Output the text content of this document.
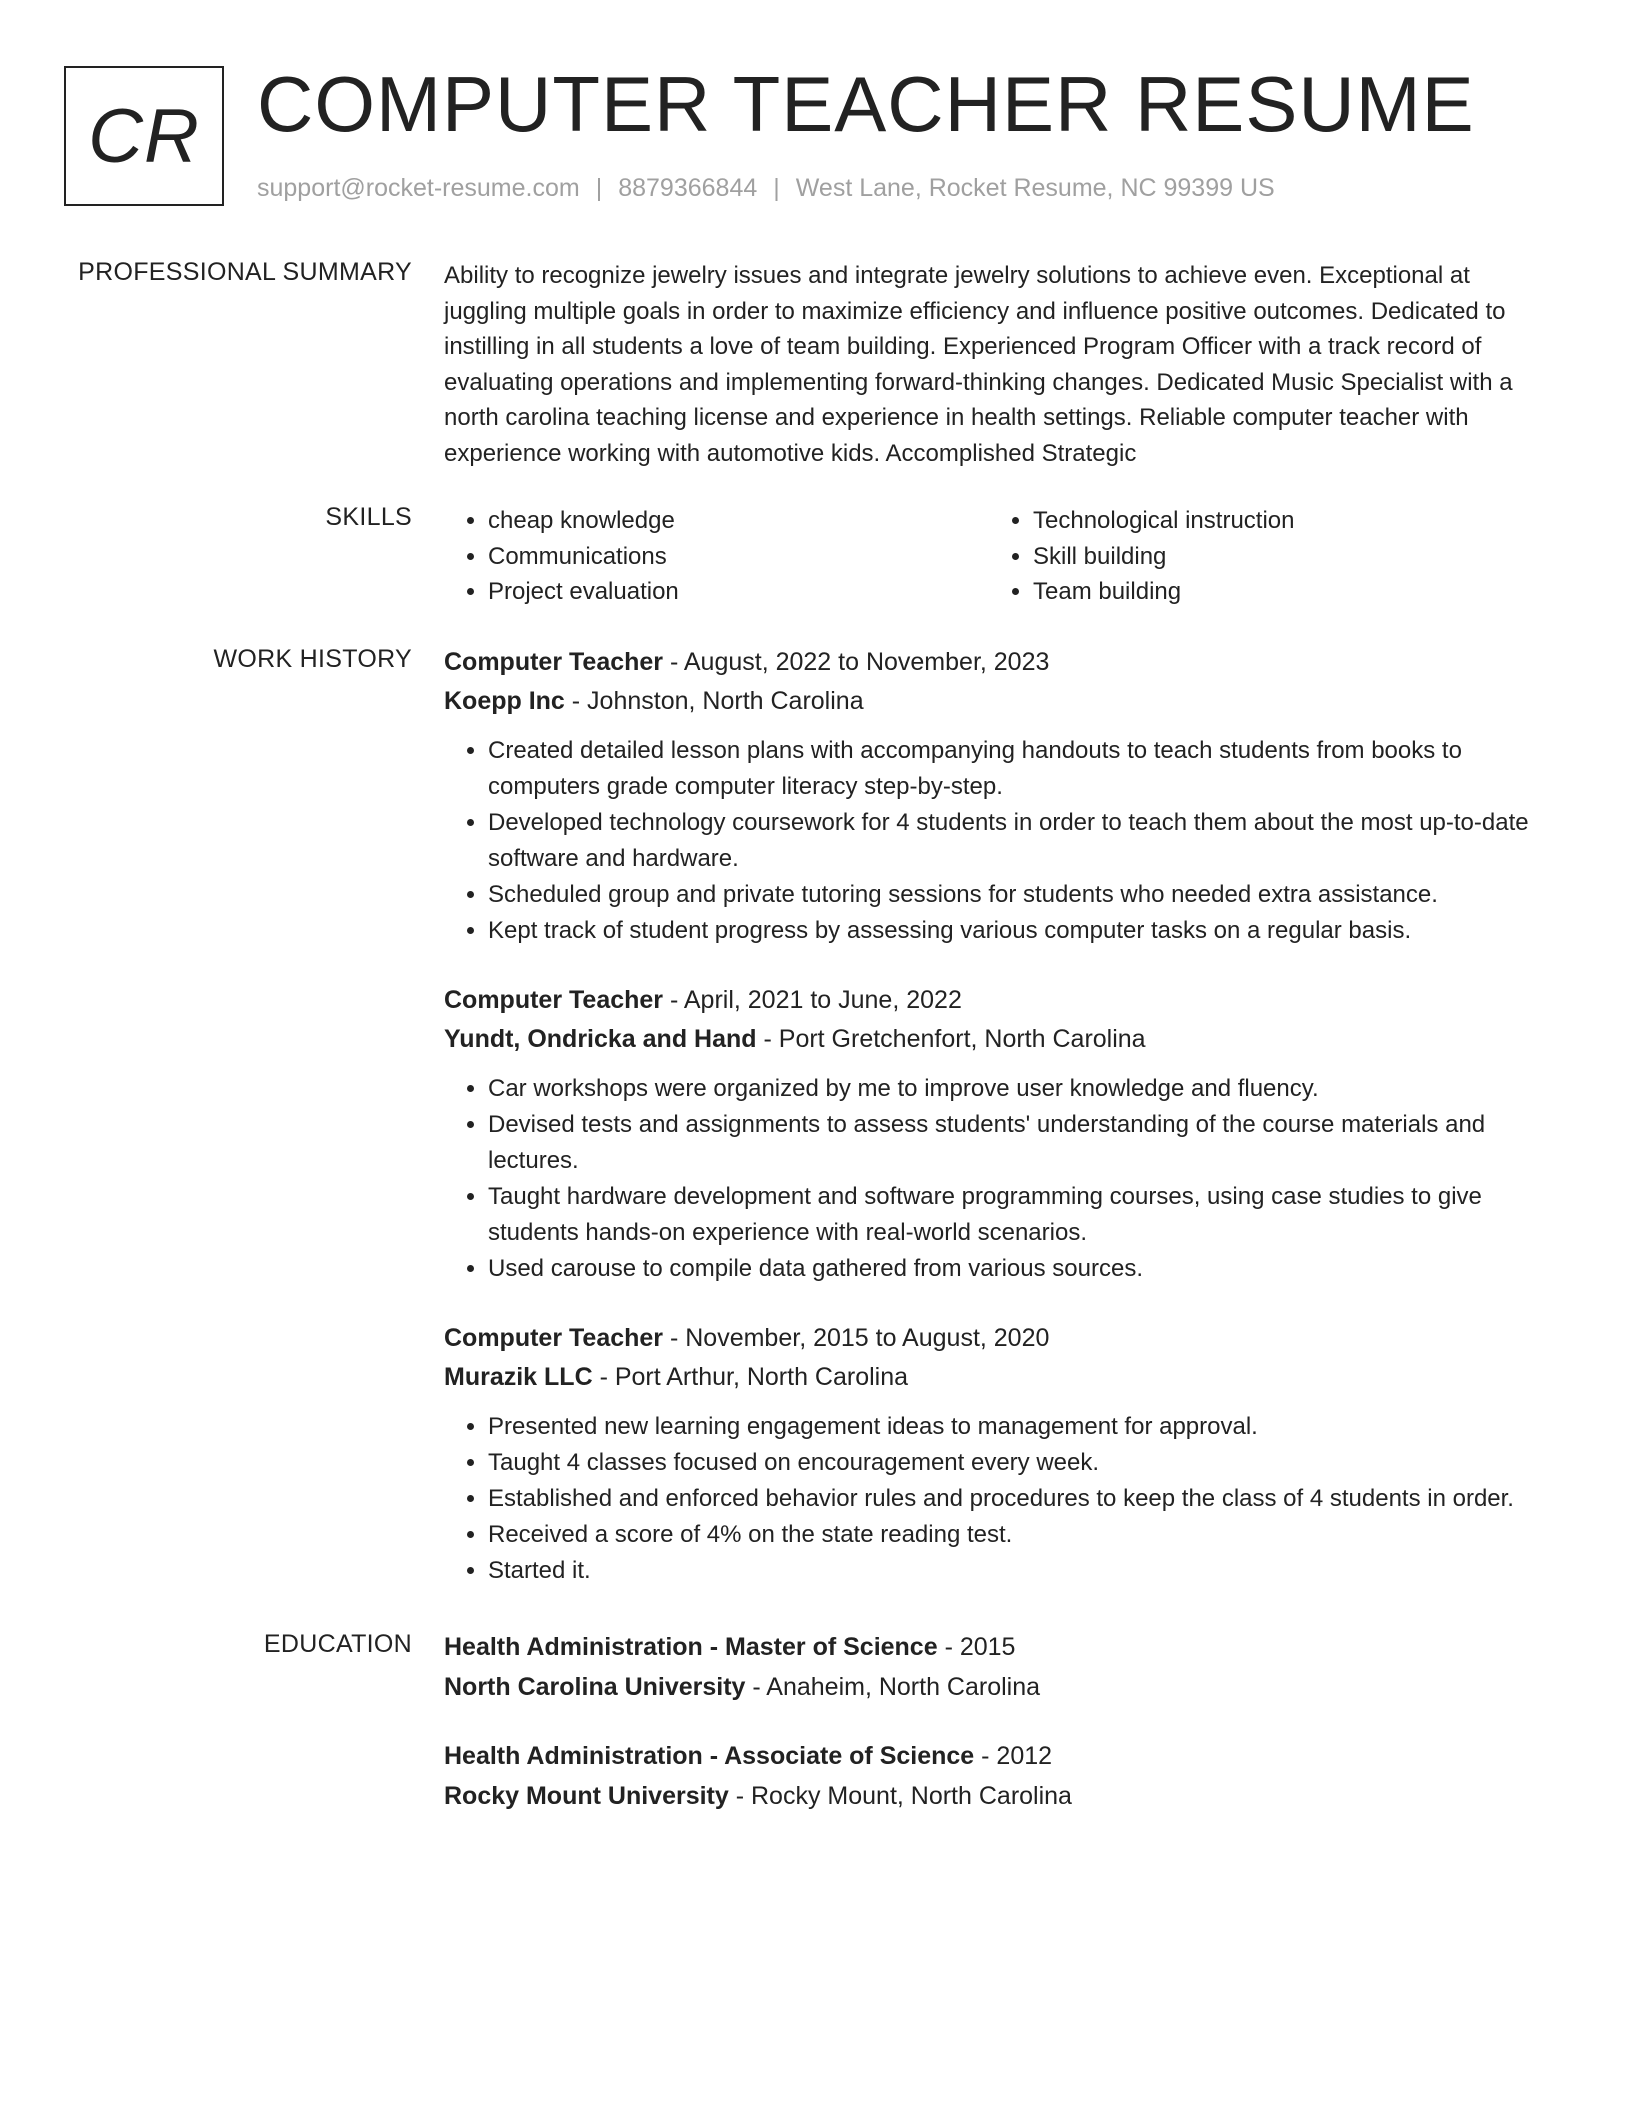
CR COMPUTER TEACHER RESUME
support@rocket-resume.com | 8879366844 | West Lane, Rocket Resume, NC 99399 US
PROFESSIONAL SUMMARY Ability to recognize jewelry issues and integrate jewelry solutions to achieve even. Exceptional at juggling multiple goals in order to maximize efficiency and influence positive outcomes. Dedicated to instilling in all students a love of team building. Experienced Program Officer with a track record of evaluating operations and implementing forward-thinking changes. Dedicated Music Specialist with a north carolina teaching license and experience in health settings. Reliable computer teacher with experience working with automotive kids. Accomplished Strategic

SKILLS
•	cheap knowledge
• Communications
• Project evaluation
• Technological instruction
• Skill building
• Team building
WORK HISTORY Computer Teacher - August, 2022 to November, 2023
Koepp Inc - Johnston, North Carolina
• Created detailed lesson plans with accompanying handouts to teach students from books to computers grade computer literacy step-by-step.
• Developed technology coursework for 4 students in order to teach them about the most up-to-date software and hardware.
• Scheduled group and private tutoring sessions for students who needed extra assistance.
• Kept track of student progress by assessing various computer tasks on a regular basis.
Computer Teacher - April, 2021 to June, 2022
Yundt, Ondricka and Hand - Port Gretchenfort, North Carolina
• Car workshops were organized by me to improve user knowledge and fluency.
• Devised tests and assignments to assess students' understanding of the course materials and lectures.
• Taught hardware development and software programming courses, using case studies to give students hands-on experience with real-world scenarios.
• Used carouse to compile data gathered from various sources.
Computer Teacher - November, 2015 to August, 2020
Murazik LLC - Port Arthur, North Carolina
• Presented new learning engagement ideas to management for approval.
• Taught 4 classes focused on encouragement every week.
• Established and enforced behavior rules and procedures to keep the class of 4 students in order.
• Received a score of 4% on the state reading test.
• Started it.
EDUCATION Health Administration - Master of Science - 2015
North Carolina University - Anaheim, North Carolina
Health Administration - Associate of Science - 2012
Rocky Mount University - Rocky Mount, North Carolina
